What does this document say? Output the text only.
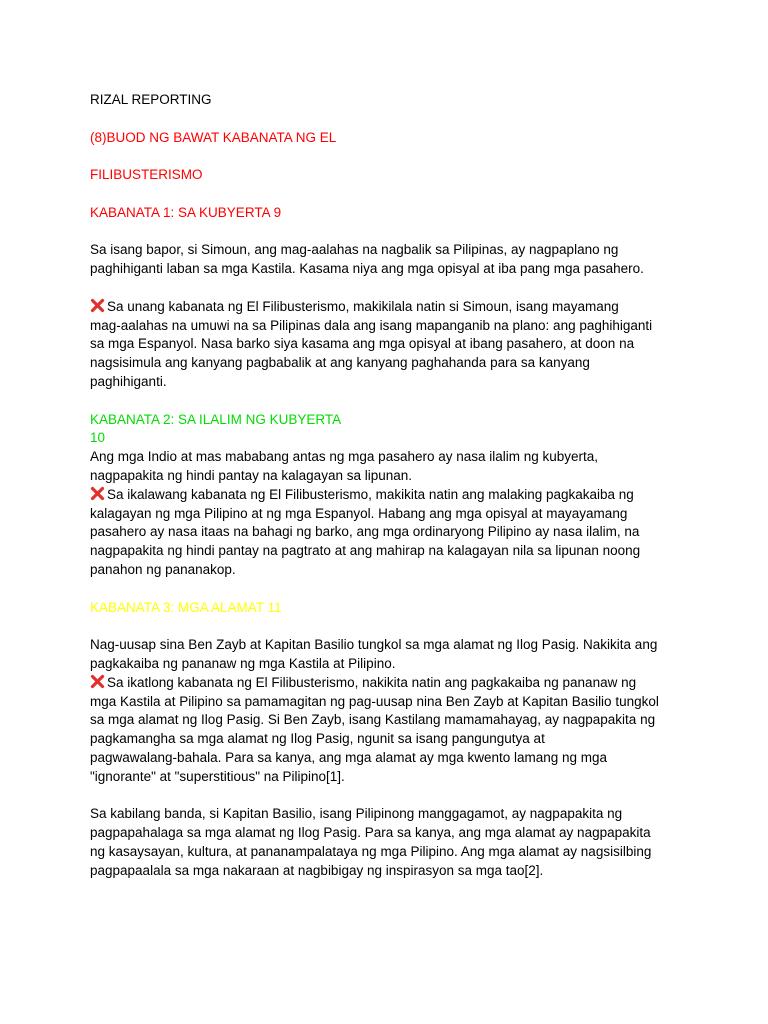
RIZAL REPORTING
(8)BUOD NG BAWAT KABANATA NG EL
FILIBUSTERISMO
KABANATA 1: SA KUBYERTA 9
Sa isang bapor, si Simoun, ang mag-aalahas na nagbalik sa Pilipinas, ay nagpaplano ng
paghihiganti laban sa mga Kastila. Kasama niya ang mga opisyal at iba pang mga pasahero.
Sa unang kabanata ng El Filibusterismo, makikilala natin si Simoun, isang mayamang
mag-aalahas na umuwi na sa Pilipinas dala ang isang mapanganib na plano: ang paghihiganti
sa mga Espanyol. Nasa barko siya kasama ang mga opisyal at ibang pasahero, at doon na
nagsisimula ang kanyang pagbabalik at ang kanyang paghahanda para sa kanyang
paghihiganti.
KABANATA 2: SA ILALIM NG KUBYERTA
10
Ang mga Indio at mas mababang antas ng mga pasahero ay nasa ilalim ng kubyerta,
nagpapakita ng hindi pantay na kalagayan sa lipunan.
Sa ikalawang kabanata ng El Filibusterismo, makikita natin ang malaking pagkakaiba ng
kalagayan ng mga Pilipino at ng mga Espanyol. Habang ang mga opisyal at mayayamang
pasahero ay nasa itaas na bahagi ng barko, ang mga ordinaryong Pilipino ay nasa ilalim, na
nagpapakita ng hindi pantay na pagtrato at ang mahirap na kalagayan nila sa lipunan noong
panahon ng pananakop.
KABANATA 3: MGA ALAMAT 11
Nag-uusap sina Ben Zayb at Kapitan Basilio tungkol sa mga alamat ng Ilog Pasig. Nakikita ang
pagkakaiba ng pananaw ng mga Kastila at Pilipino.
Sa ikatlong kabanata ng El Filibusterismo, nakikita natin ang pagkakaiba ng pananaw ng
mga Kastila at Pilipino sa pamamagitan ng pag-uusap nina Ben Zayb at Kapitan Basilio tungkol
sa mga alamat ng Ilog Pasig. Si Ben Zayb, isang Kastilang mamamahayag, ay nagpapakita ng
pagkamangha sa mga alamat ng Ilog Pasig, ngunit sa isang pangungutya at
pagwawalang-bahala. Para sa kanya, ang mga alamat ay mga kwento lamang ng mga
"ignorante" at "superstitious" na Pilipino[1].
Sa kabilang banda, si Kapitan Basilio, isang Pilipinong manggagamot, ay nagpapakita ng
pagpapahalaga sa mga alamat ng Ilog Pasig. Para sa kanya, ang mga alamat ay nagpapakita
ng kasaysayan, kultura, at pananampalataya ng mga Pilipino. Ang mga alamat ay nagsisilbing
pagpapaalala sa mga nakaraan at nagbibigay ng inspirasyon sa mga tao[2].
